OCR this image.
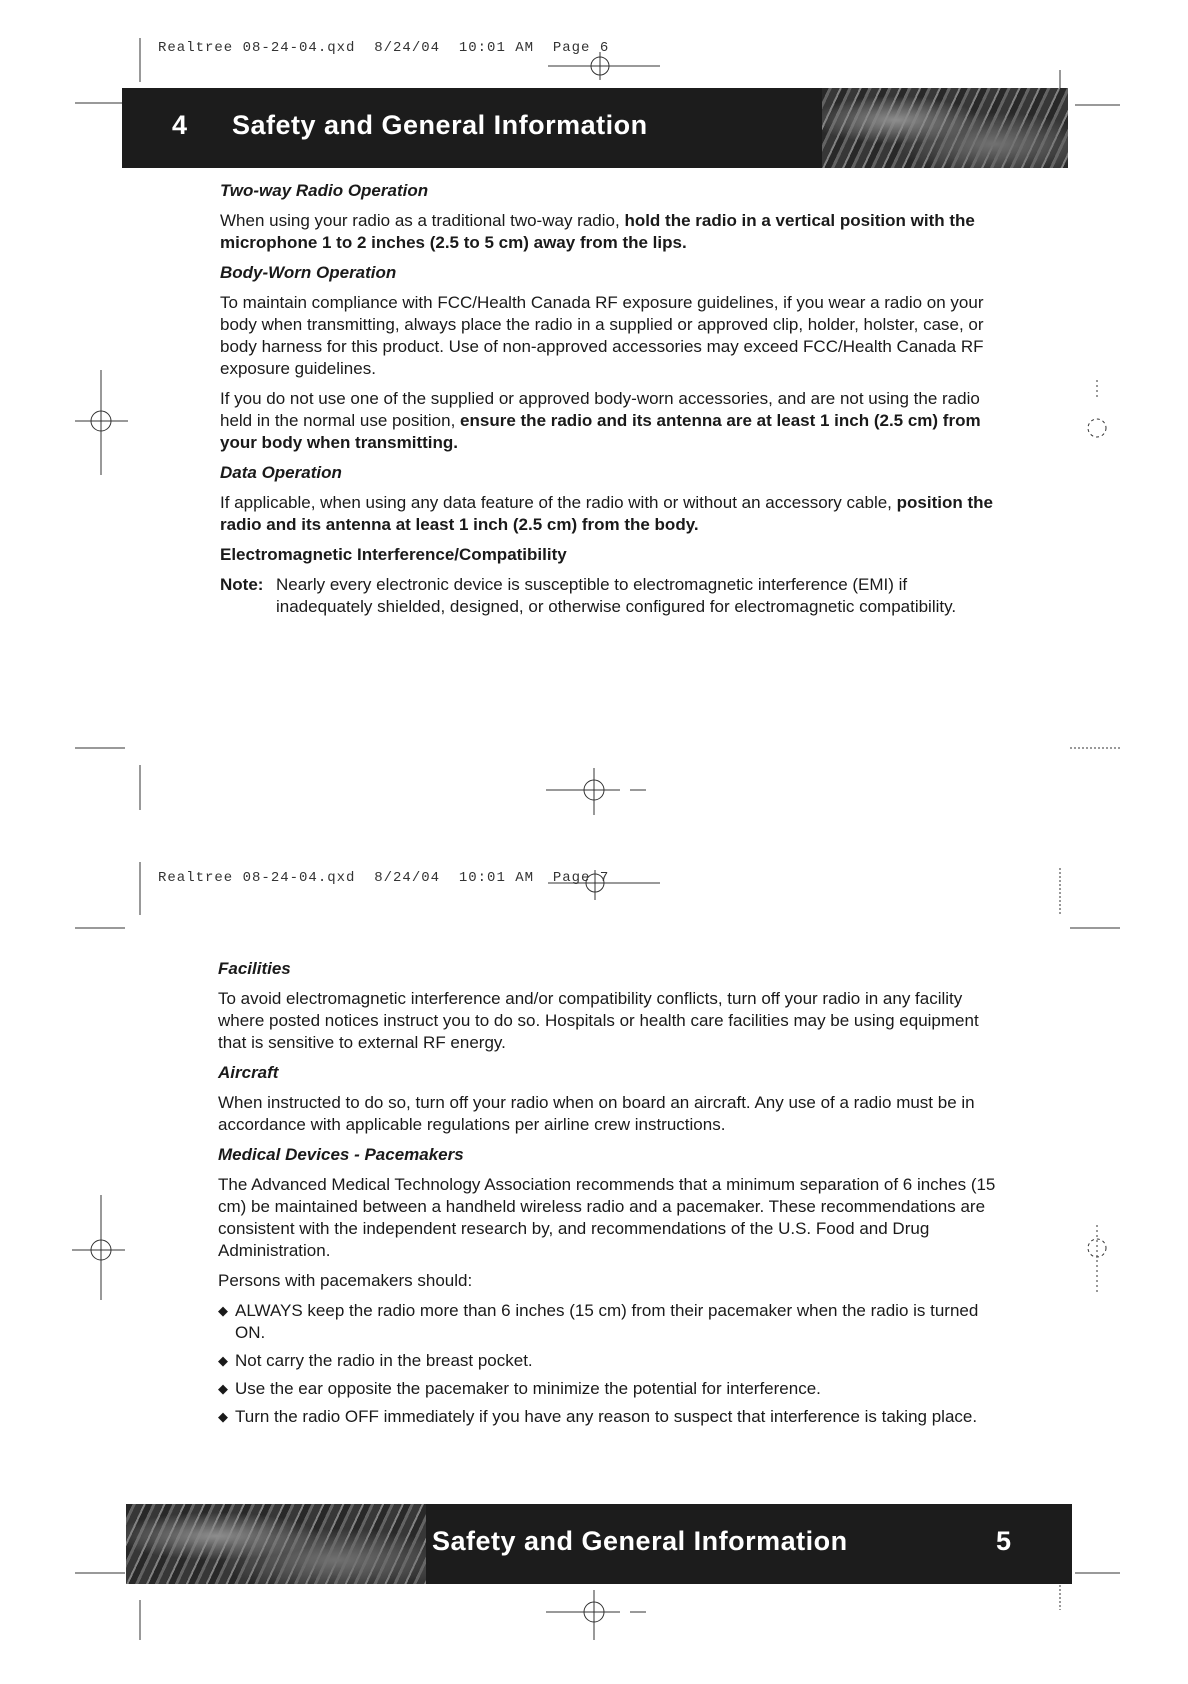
Realtree 08-24-04.qxd  8/24/04  10:01 AM  Page 6
4 Safety and General Information
Two-way Radio Operation

When using your radio as a traditional two-way radio, hold the radio in a vertical position with the microphone 1 to 2 inches (2.5 to 5 cm) away from the lips.

Body-Worn Operation

To maintain compliance with FCC/Health Canada RF exposure guidelines, if you wear a radio on your body when transmitting, always place the radio in a supplied or approved clip, holder, holster, case, or body harness for this product. Use of non-approved accessories may exceed FCC/Health Canada RF exposure guidelines.

If you do not use one of the supplied or approved body-worn accessories, and are not using the radio held in the normal use position, ensure the radio and its antenna are at least 1 inch (2.5 cm) from your body when transmitting.

Data Operation

If applicable, when using any data feature of the radio with or without an accessory cable, position the radio and its antenna at least 1 inch (2.5 cm) from the body.

Electromagnetic Interference/Compatibility
Note: Nearly every electronic device is susceptible to electromagnetic interference (EMI) if inadequately shielded, designed, or otherwise configured for electromagnetic compatibility.
Realtree 08-24-04.qxd  8/24/04  10:01 AM  Page 7
Facilities

To avoid electromagnetic interference and/or compatibility conflicts, turn off your radio in any facility where posted notices instruct you to do so. Hospitals or health care facilities may be using equipment that is sensitive to external RF energy.

Aircraft

When instructed to do so, turn off your radio when on board an aircraft. Any use of a radio must be in accordance with applicable regulations per airline crew instructions.

Medical Devices - Pacemakers

The Advanced Medical Technology Association recommends that a minimum separation of 6 inches (15 cm) be maintained between a handheld wireless radio and a pacemaker. These recommendations are consistent with the independent research by, and recommendations of the U.S. Food and Drug Administration.

Persons with pacemakers should:

◆ ALWAYS keep the radio more than 6 inches (15 cm) from their pacemaker when the radio is turned ON.
◆ Not carry the radio in the breast pocket.
◆ Use the ear opposite the pacemaker to minimize the potential for interference.
◆ Turn the radio OFF immediately if you have any reason to suspect that interference is taking place.
Safety and General Information	5
